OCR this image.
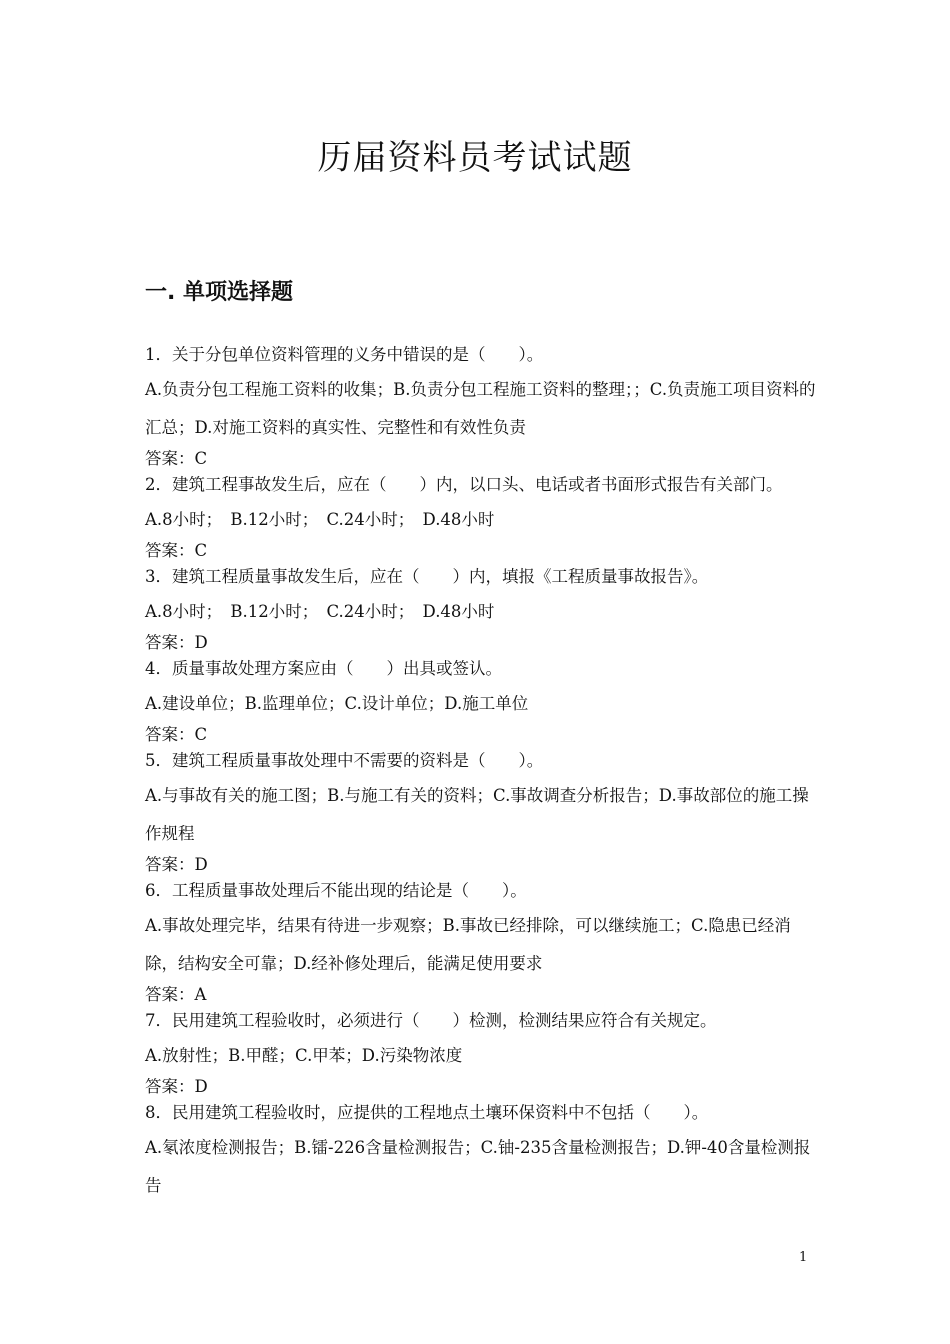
历届资料员考试试题
一. 单项选择题

1．关于分包单位资料管理的义务中错误的是（　　）。

A.负责分包工程施工资料的收集；B.负责分包工程施工资料的整理；；C.负责施工项目资料的汇总；D.对施工资料的真实性、完整性和有效性负责

答案：C

2．建筑工程事故发生后，应在（　　）内，以口头、电话或者书面形式报告有关部门。

A.8小时；　B.12小时；　C.24小时；　D.48小时

答案：C

3．建筑工程质量事故发生后，应在（　　）内，填报《工程质量事故报告》。

A.8小时；　B.12小时；　C.24小时；　D.48小时

答案：D

4．质量事故处理方案应由（　　）出具或签认。

A.建设单位；B.监理单位；C.设计单位；D.施工单位

答案：C

5．建筑工程质量事故处理中不需要的资料是（　　）。

A.与事故有关的施工图；B.与施工有关的资料；C.事故调查分析报告；D.事故部位的施工操作规程

答案：D

6．工程质量事故处理后不能出现的结论是（　　）。

A.事故处理完毕，结果有待进一步观察；B.事故已经排除，可以继续施工；C.隐患已经消除，结构安全可靠；D.经补修处理后，能满足使用要求

答案：A

7．民用建筑工程验收时，必须进行（　　）检测，检测结果应符合有关规定。

A.放射性；B.甲醛；C.甲苯；D.污染物浓度

答案：D

8．民用建筑工程验收时，应提供的工程地点土壤环保资料中不包括（　　）。

A.氡浓度检测报告；B.镭-226含量检测报告；C.铀-235含量检测报告；D.钾-40含量检测报告

1
